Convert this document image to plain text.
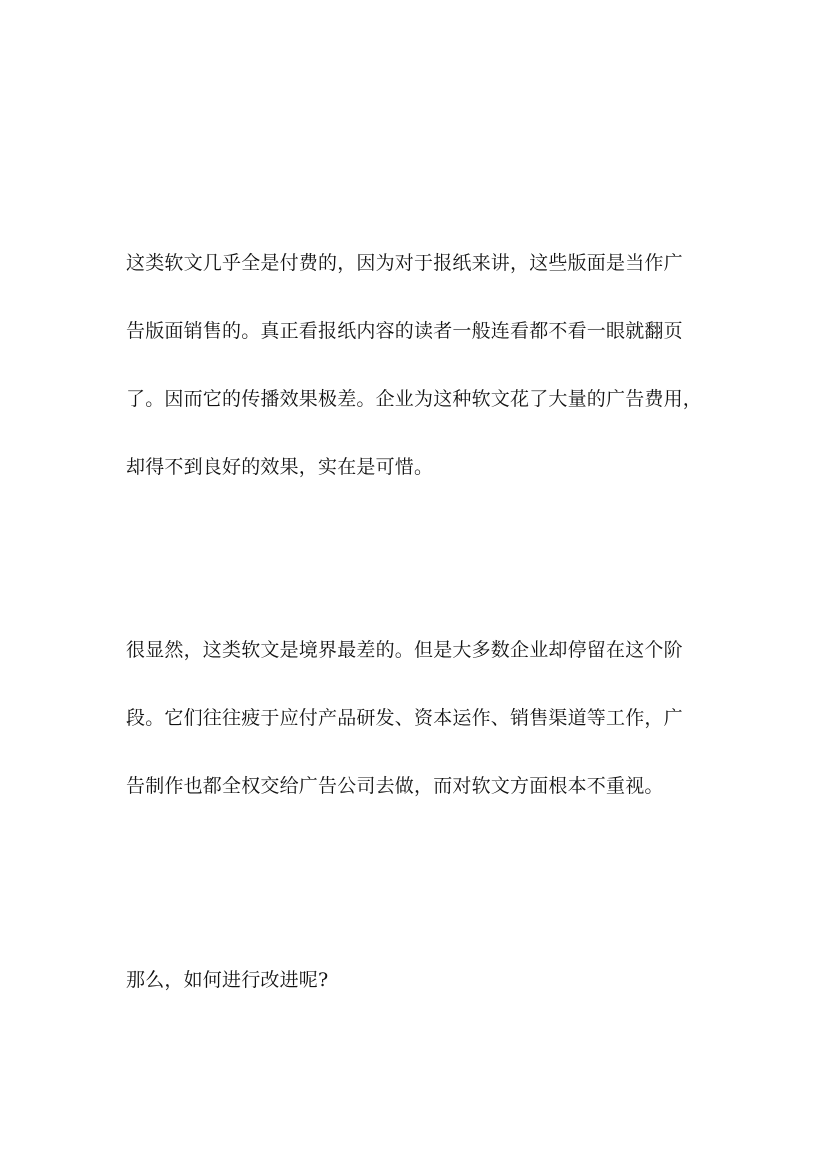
这类软文几乎全是付费的，因为对于报纸来讲，这些版面是当作广
告版面销售的。真正看报纸内容的读者一般连看都不看一眼就翻页
了。因而它的传播效果极差。企业为这种软文花了大量的广告费用，
却得不到良好的效果，实在是可惜。

很显然，这类软文是境界最差的。但是大多数企业却停留在这个阶
段。它们往往疲于应付产品研发、资本运作、销售渠道等工作，广
告制作也都全权交给广告公司去做，而对软文方面根本不重视。

那么，如何进行改进呢?
